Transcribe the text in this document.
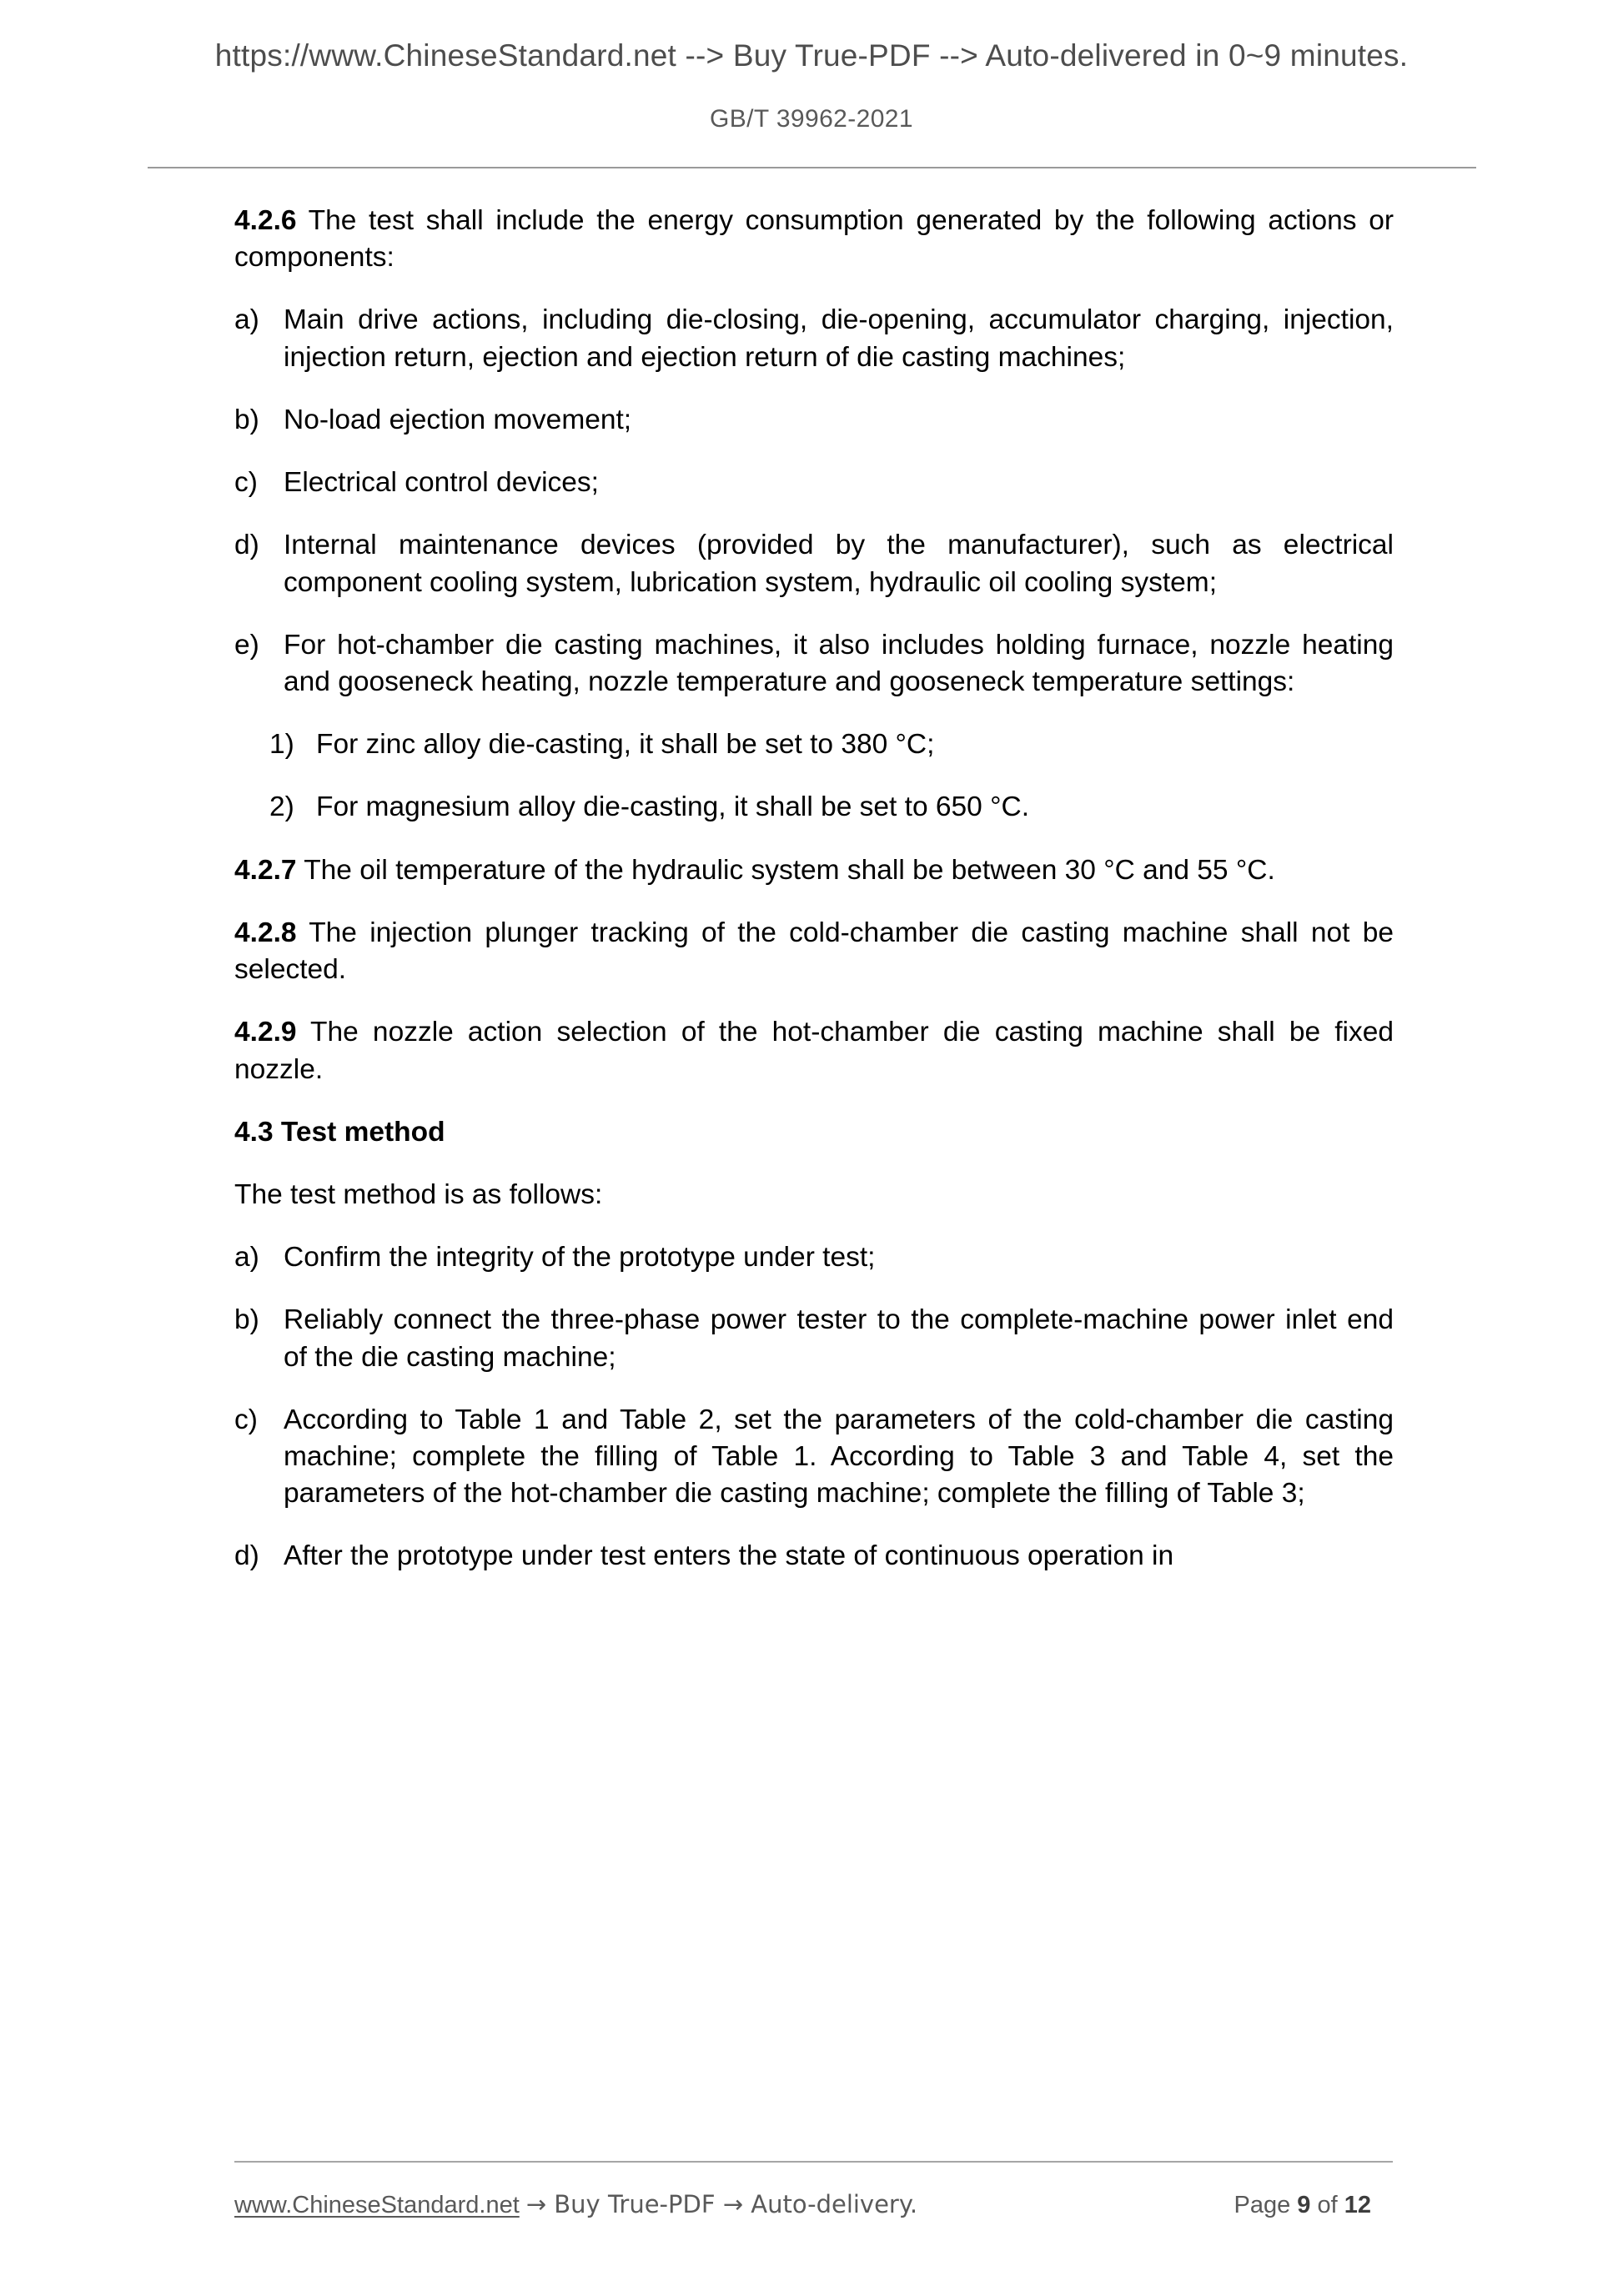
https://www.ChineseStandard.net --> Buy True-PDF --> Auto-delivered in 0~9 minutes.
GB/T 39962-2021

4.2.6 The test shall include the energy consumption generated by the following actions or components:

a) Main drive actions, including die-closing, die-opening, accumulator charging, injection, injection return, ejection and ejection return of die casting machines;
b) No-load ejection movement;
c) Electrical control devices;
d) Internal maintenance devices (provided by the manufacturer), such as electrical component cooling system, lubrication system, hydraulic oil cooling system;
e) For hot-chamber die casting machines, it also includes holding furnace, nozzle heating and gooseneck heating, nozzle temperature and gooseneck temperature settings:
1) For zinc alloy die-casting, it shall be set to 380 °C;
2) For magnesium alloy die-casting, it shall be set to 650 °C.

4.2.7 The oil temperature of the hydraulic system shall be between 30 °C and 55 °C.

4.2.8 The injection plunger tracking of the cold-chamber die casting machine shall not be selected.

4.2.9 The nozzle action selection of the hot-chamber die casting machine shall be fixed nozzle.

4.3 Test method

The test method is as follows:

a) Confirm the integrity of the prototype under test;
b) Reliably connect the three-phase power tester to the complete-machine power inlet end of the die casting machine;
c) According to Table 1 and Table 2, set the parameters of the cold-chamber die casting machine; complete the filling of Table 1. According to Table 3 and Table 4, set the parameters of the hot-chamber die casting machine; complete the filling of Table 3;
d) After the prototype under test enters the state of continuous operation in
www.ChineseStandard.net → Buy True-PDF → Auto-delivery.	Page 9 of 12
